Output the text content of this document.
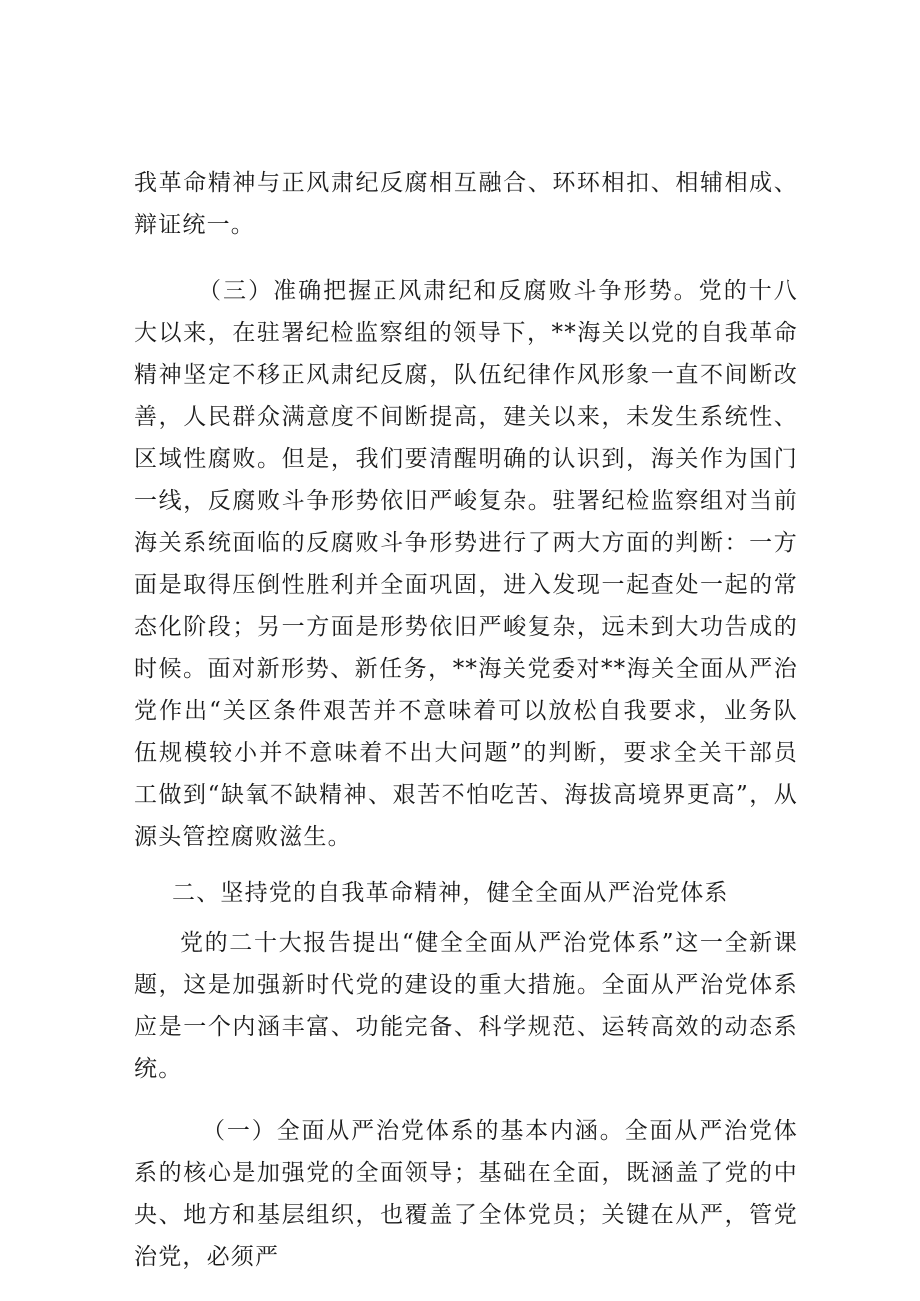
我革命精神与正风肃纪反腐相互融合、环环相扣、相辅相成、辩证统一。

（三）准确把握正风肃纪和反腐败斗争形势。党的十八大以来，在驻署纪检监察组的领导下，**海关以党的自我革命精神坚定不移正风肃纪反腐，队伍纪律作风形象一直不间断改善，人民群众满意度不间断提高，建关以来，未发生系统性、区域性腐败。但是，我们要清醒明确的认识到，海关作为国门一线，反腐败斗争形势依旧严峻复杂。驻署纪检监察组对当前海关系统面临的反腐败斗争形势进行了两大方面的判断：一方面是取得压倒性胜利并全面巩固，进入发现一起查处一起的常态化阶段；另一方面是形势依旧严峻复杂，远未到大功告成的时候。面对新形势、新任务，**海关党委对**海关全面从严治党作出“关区条件艰苦并不意味着可以放松自我要求，业务队伍规模较小并不意味着不出大问题”的判断，要求全关干部员工做到“缺氧不缺精神、艰苦不怕吃苦、海拔高境界更高”，从源头管控腐败滋生。

二、坚持党的自我革命精神，健全全面从严治党体系

党的二十大报告提出“健全全面从严治党体系”这一全新课题，这是加强新时代党的建设的重大措施。全面从严治党体系应是一个内涵丰富、功能完备、科学规范、运转高效的动态系统。

（一）全面从严治党体系的基本内涵。全面从严治党体系的核心是加强党的全面领导；基础在全面，既涵盖了党的中央、地方和基层组织，也覆盖了全体党员；关键在从严，管党治党，必须严
